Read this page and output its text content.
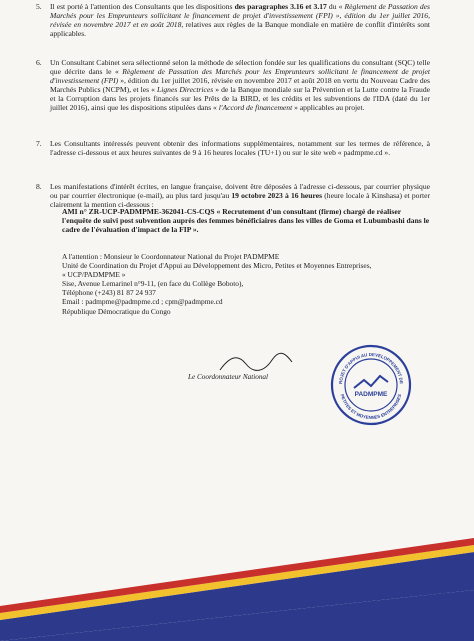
5. Il est porté à l'attention des Consultants que les dispositions des paragraphes 3.16 et 3.17 du « Règlement de Passation des Marchés pour les Emprunteurs sollicitant le financement de projet d'investissement (FPI) », édition du 1er juillet 2016, révisée en novembre 2017 et en août 2018, relatives aux règles de la Banque mondiale en matière de conflit d'intérêts sont applicables.
6. Un Consultant Cabinet sera sélectionné selon la méthode de sélection fondée sur les qualifications du consultant (SQC) telle que décrite dans le « Règlement de Passation des Marchés pour les Emprunteurs sollicitant le financement de projet d'investissement (FPI) », édition du 1er juillet 2016, révisée en novembre 2017 et août 2018 en vertu du Nouveau Cadre des Marchés Publics (NCPM), et les « Lignes Directrices » de la Banque mondiale sur la Prévention et la Lutte contre la Fraude et la Corruption dans les projets financés sur les Prêts de la BIRD, et les crédits et les subventions de l'IDA (daté du 1er juillet 2016), ainsi que les dispositions stipulées dans « l'Accord de financement » applicables au projet.
7. Les Consultants intéressés peuvent obtenir des informations supplémentaires, notamment sur les termes de référence, à l'adresse ci-dessous et aux heures suivantes de 9 à 16 heures locales (TU+1) ou sur le site web « padmpme.cd ».
8. Les manifestations d'intérêt écrites, en langue française, doivent être déposées à l'adresse ci-dessous, par courrier physique ou par courrier électronique (e-mail), au plus tard jusqu'au 19 octobre 2023 à 16 heures (heure locale à Kinshasa) et porter clairement la mention ci-dessous :
AMI n° ZR-UCP-PADMPME-362041-CS-CQS « Recrutement d'un consultant (firme) chargé de réaliser l'enquête de suivi post subvention auprès des femmes bénéficiaires dans les villes de Goma et Lubumbashi dans le cadre de l'évaluation d'impact de la FIP ».
A l'attention : Monsieur le Coordonnateur National du Projet PADMPME
Unité de Coordination du Projet d'Appui au Développement des Micro, Petites et Moyennes Entreprises,
« UCP/PADMPME »
Sise, Avenue Lemarinel n°9-11, (en face du Collège Boboto),
Téléphone (+243) 81 87 24 937
Email : padmpme@padmpme.cd ; cpm@padmpme.cd
République Démocratique du Congo
Le Coordonnateur National
ROJET D'APPUI AU DEVELOPPEMENT DE
PETITES ET MOYENNES ENTREPRISES
PADMPME
